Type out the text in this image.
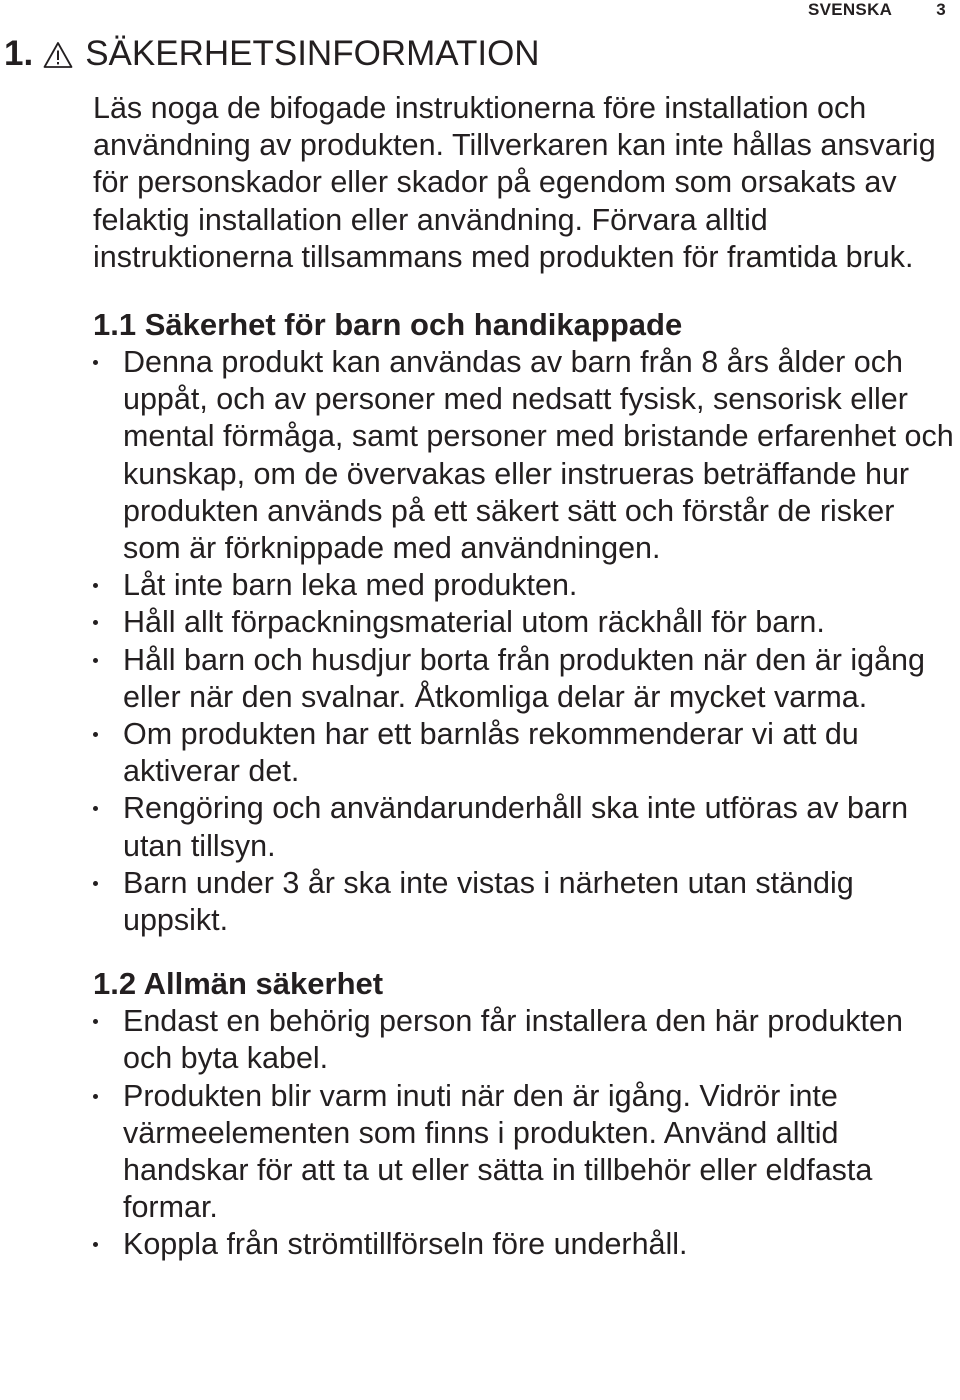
SVENSKA	3
1. SÄKERHETSINFORMATION

Läs noga de bifogade instruktionerna före installation och användning av produkten. Tillverkaren kan inte hållas ansvarig för personskador eller skador på egendom som orsakats av felaktig installation eller användning. Förvara alltid instruktionerna tillsammans med produkten för framtida bruk.

1.1 Säkerhet för barn och handikappade
Denna produkt kan användas av barn från 8 års ålder och uppåt, och av personer med nedsatt fysisk, sensorisk eller mental förmåga, samt personer med bristande erfarenhet och kunskap, om de övervakas eller instrueras beträffande hur produkten används på ett säkert sätt och förstår de risker som är förknippade med användningen.
Låt inte barn leka med produkten.
Håll allt förpackningsmaterial utom räckhåll för barn.
Håll barn och husdjur borta från produkten när den är igång eller när den svalnar. Åtkomliga delar är mycket varma.
Om produkten har ett barnlås rekommenderar vi att du aktiverar det.
Rengöring och användarunderhåll ska inte utföras av barn utan tillsyn.
Barn under 3 år ska inte vistas i närheten utan ständig uppsikt.
1.2 Allmän säkerhet
Endast en behörig person får installera den här produkten och byta kabel.
Produkten blir varm inuti när den är igång. Vidrör inte värmeelementen som finns i produkten. Använd alltid handskar för att ta ut eller sätta in tillbehör eller eldfasta formar.
Koppla från strömtillförseln före underhåll.
